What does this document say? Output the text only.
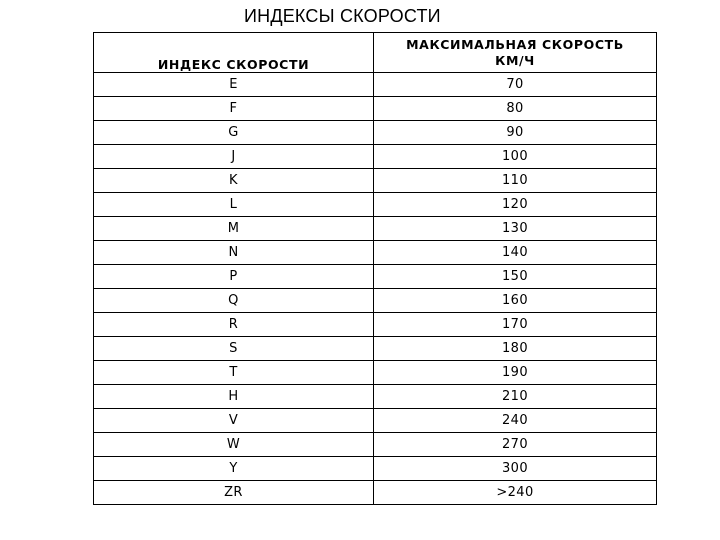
ИНДЕКСЫ СКОРОСТИ
ИНДЕКС СКОРОСТИ	МАКСИМАЛЬНАЯ СКОРОСТЬ
КМ/Ч
E	70
F	80
G	90
J	100
K	110
L	120
M	130
N	140
P	150
Q	160
R	170
S	180
T	190
H	210
V	240
W	270
Y	300
ZR	>240
